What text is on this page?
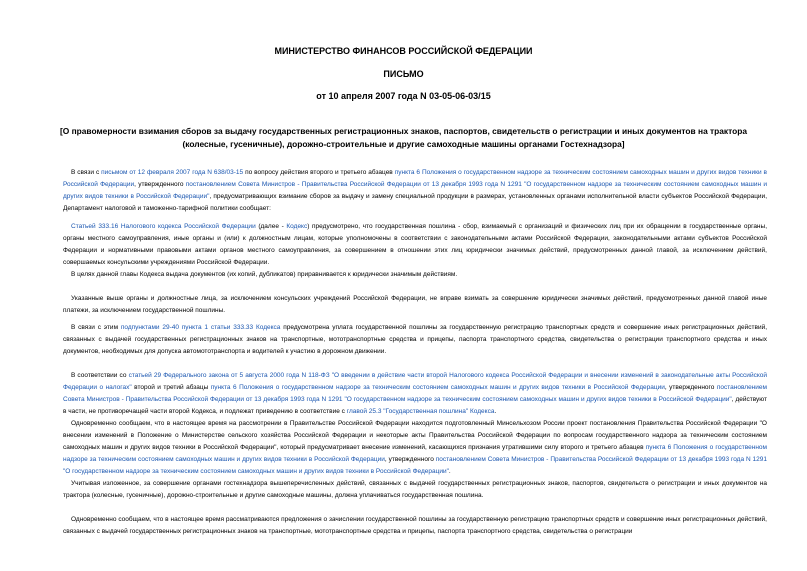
МИНИСТЕРСТВО ФИНАНСОВ РОССИЙСКОЙ ФЕДЕРАЦИИ
ПИСЬМО
от 10 апреля 2007 года N 03-05-06-03/15
[О правомерности взимания сборов за выдачу государственных регистрационных знаков, паспортов, свидетельств о регистрации и иных документов на трактора (колесные, гусеничные), дорожно-строительные и другие самоходные машины органами Гостехнадзора]
В связи с письмом от 12 февраля 2007 года N 638/03-15 по вопросу действия второго и третьего абзацев пункта 6 Положения о государственном надзоре за техническим состоянием самоходных машин и других видов техники в Российской Федерации, утвержденного постановлением Совета Министров - Правительства Российской Федерации от 13 декабря 1993 года N 1291 "О государственном надзоре за техническим состоянием самоходных машин и других видов техники в Российской Федерации", предусматривающих взимание сборов за выдачу и замену специальной продукции в размерах, установленных органами исполнительной власти субъектов Российской Федерации, Департамент налоговой и таможенно-тарифной политики сообщает:
Статьей 333.16 Налогового кодекса Российской Федерации (далее - Кодекс) предусмотрено, что государственная пошлина - сбор, взимаемый с организаций и физических лиц при их обращении в государственные органы, органы местного самоуправления, иные органы и (или) к должностным лицам, которые уполномочены в соответствии с законодательными актами Российской Федерации, законодательными актами субъектов Российской Федерации и нормативными правовыми актами органов местного самоуправления, за совершением в отношении этих лиц юридически значимых действий, предусмотренных данной главой, за исключением действий, совершаемых консульскими учреждениями Российской Федерации.
В целях данной главы Кодекса выдача документов (их копий, дубликатов) приравнивается к юридически значимым действиям.
Указанные выше органы и должностные лица, за исключением консульских учреждений Российской Федерации, не вправе взимать за совершение юридически значимых действий, предусмотренных данной главой иные платежи, за исключением государственной пошлины.
В связи с этим подпунктами 29-40 пункта 1 статьи 333.33 Кодекса предусмотрена уплата государственной пошлины за государственную регистрацию транспортных средств и совершение иных регистрационных действий, связанных с выдачей государственных регистрационных знаков на транспортные, мототранспортные средства и прицепы, паспорта транспортного средства, свидетельства о регистрации транспортного средства и иных документов, необходимых для допуска автомототранспорта и водителей к участию в дорожном движении.
В соответствии со статьей 29 Федерального закона от 5 августа 2000 года N 118-ФЗ "О введении в действие части второй Налогового кодекса Российской Федерации и внесении изменений в законодательные акты Российской Федерации о налогах" второй и третий абзацы пункта 6 Положения о государственном надзоре за техническим состоянием самоходных машин и других видов техники в Российской Федерации, утвержденного постановлением Совета Министров - Правительства Российской Федерации от 13 декабря 1993 года N 1291 "О государственном надзоре за техническим состоянием самоходных машин и других видов техники в Российской Федерации", действуют в части, не противоречащей части второй Кодекса, и подлежат приведению в соответствие с главой 25.3 "Государственная пошлина" Кодекса.
Одновременно сообщаем, что в настоящее время на рассмотрении в Правительстве Российской Федерации находится подготовленный Минсельхозом России проект постановления Правительства Российской Федерации "О внесении изменений в Положение о Министерстве сельского хозяйства Российской Федерации и некоторые акты Правительства Российской Федерации по вопросам государственного надзора за техническим состоянием самоходных машин и других видов техники в Российской Федерации", который предусматривает внесение изменений, касающихся признания утратившими силу второго и третьего абзацев пункта 6 Положения о государственном надзоре за техническим состоянием самоходных машин и других видов техники в Российской Федерации, утвержденного постановлением Совета Министров - Правительства Российской Федерации от 13 декабря 1993 года N 1291 "О государственном надзоре за техническим состоянием самоходных машин и других видов техники в Российской Федерации".
Учитывая изложенное, за совершение органами гостехнадзора вышеперечисленных действий, связанных с выдачей государственных регистрационных знаков, паспортов, свидетельств о регистрации и иных документов на трактора (колесные, гусеничные), дорожно-строительные и другие самоходные машины, должна уплачиваться государственная пошлина.
Одновременно сообщаем, что в настоящее время рассматриваются предложения о зачислении государственной пошлины за государственную регистрацию транспортных средств и совершение иных регистрационных действий, связанных с выдачей государственных регистрационных знаков на транспортные, мототранспортные средства и прицепы, паспорта транспортного средства, свидетельства о регистрации
